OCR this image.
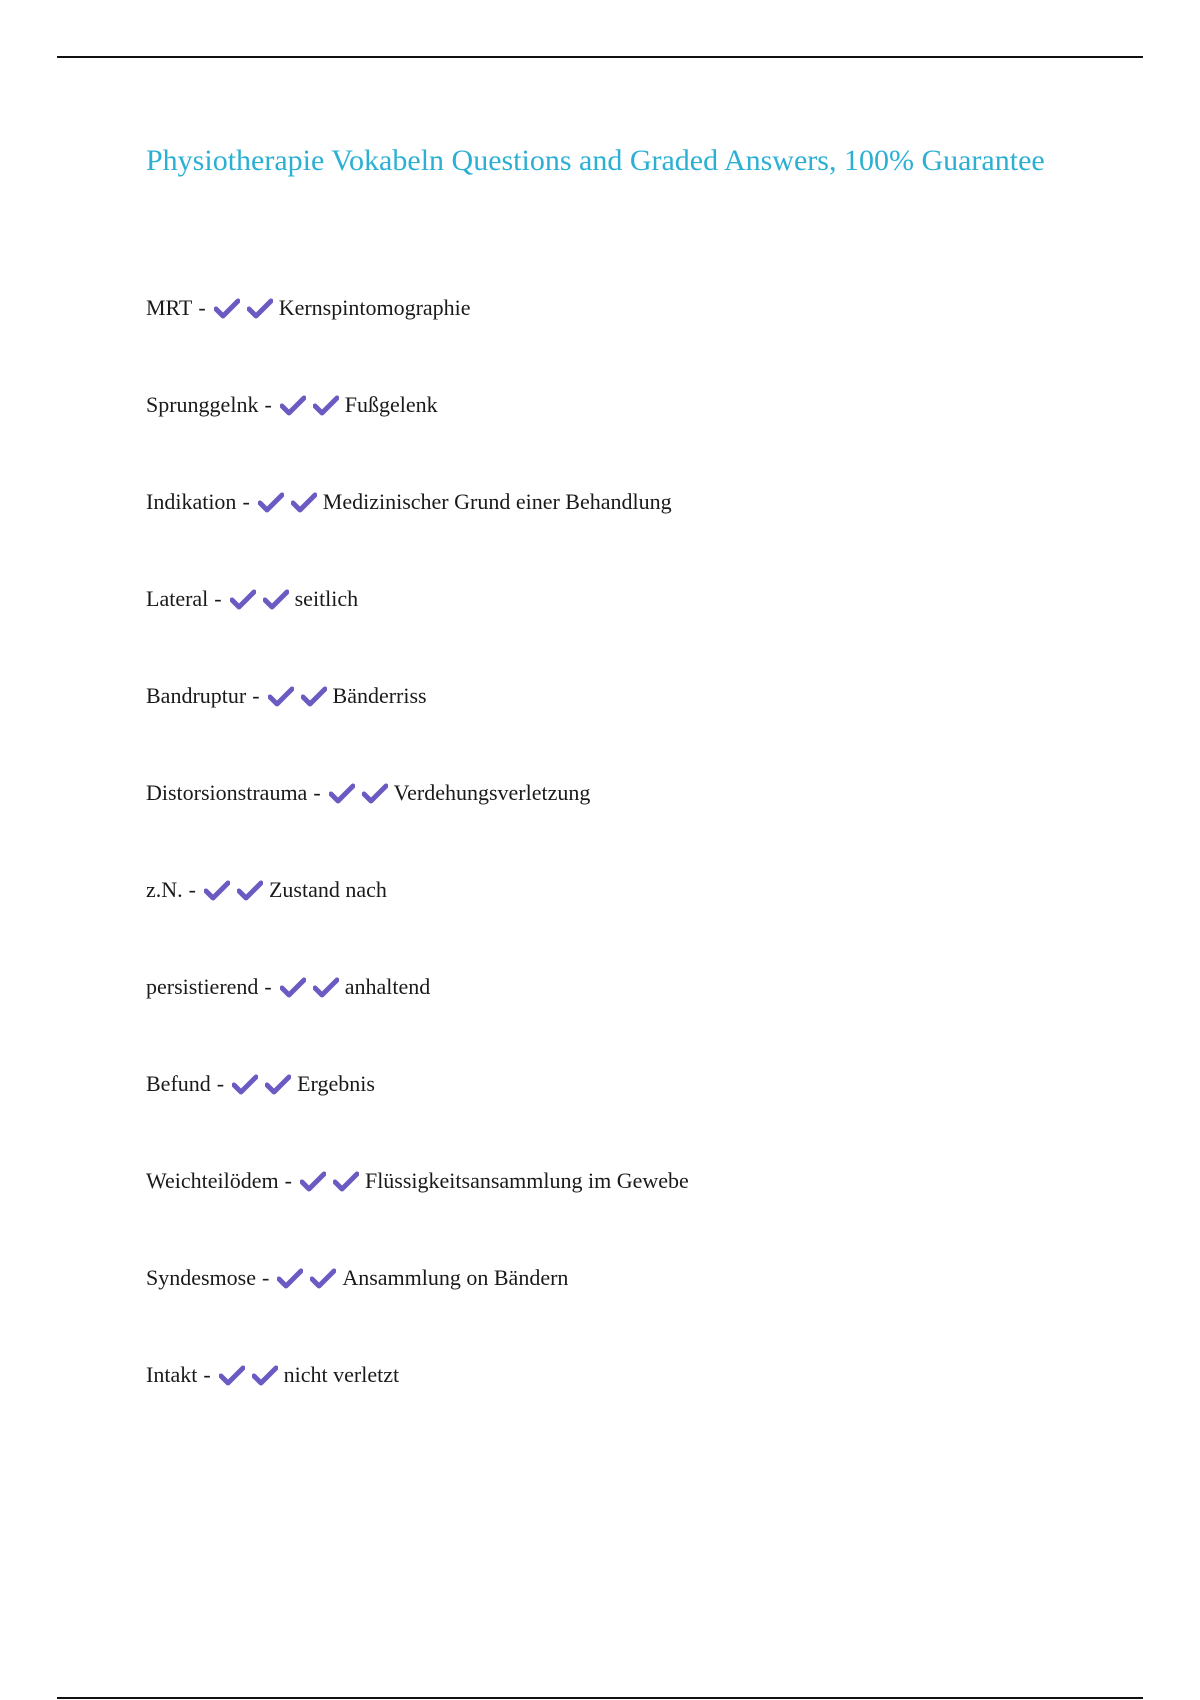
Physiotherapie Vokabeln Questions and Graded Answers, 100% Guarantee
MRT -	Kernspintomographie
Sprunggelnk -	Fußgelenk
Indikation -	Medizinischer Grund einer Behandlung
Lateral -	seitlich
Bandruptur -	Bänderriss
Distorsionstrauma -	Verdehungsverletzung
z.N. -	Zustand nach
persistierend -	anhaltend
Befund -	Ergebnis
Weichteilödem -	Flüssigkeitsansammlung im Gewebe
Syndesmose -	Ansammlung on Bändern
Intakt -	nicht verletzt
